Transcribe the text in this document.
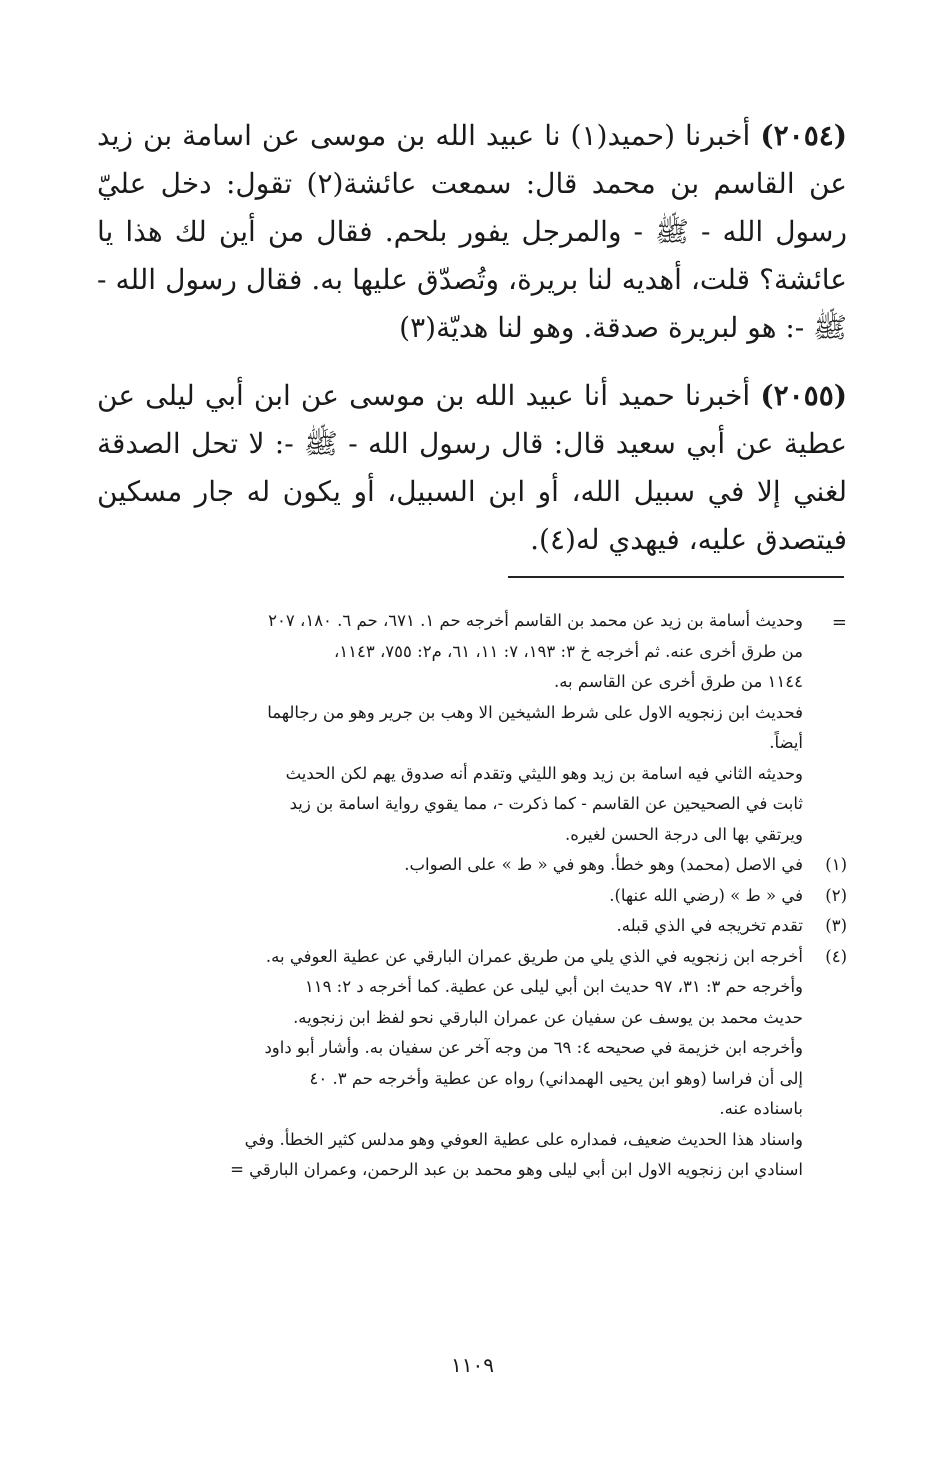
(٢٠٥٤) أخبرنا (حميد(١) نا عبيد الله بن موسى عن اسامة بن زيد عن القاسم بن محمد قال: سمعت عائشة(٢) تقول: دخل عليّ رسول الله - ﷺ - والمرجل يفور بلحم. فقال من أين لك هذا يا عائشة؟ قلت، أهديه لنا بريرة، وتُصدّق عليها به. فقال رسول الله - ﷺ -: هو لبريرة صدقة. وهو لنا هديّة(٣)
(٢٠٥٥) أخبرنا حميد أنا عبيد الله بن موسى عن ابن أبي ليلى عن عطية عن أبي سعيد قال: قال رسول الله - ﷺ -: لا تحل الصدقة لغني إلا في سبيل الله، أو ابن السبيل، أو يكون له جار مسكين فيتصدق عليه، فيهدي له(٤).
=

وحديث أسامة بن زيد عن محمد بن القاسم أخرجه حم ١. ٦٧١، حم ٦. ١٨٠، ٢٠٧

من طرق أخرى عنه. ثم أخرجه خ ٣: ١٩٣، ٧: ١١، ٦١، م٢: ٧٥٥، ١١٤٣،

١١٤٤ من طرق أخرى عن القاسم به.

فحديث ابن زنجويه الاول على شرط الشيخين الا وهب بن جرير وهو من رجالهما

أيضاً.

وحديثه الثاني فيه اسامة بن زيد وهو الليثي وتقدم أنه صدوق يهم لكن الحديث

ثابت في الصحيحين عن القاسم - كما ذكرت -، مما يقوي رواية اسامة بن زيد

ويرتقي بها الى درجة الحسن لغيره.

(١)

في الاصل (محمد) وهو خطأ. وهو في « ط » على الصواب.

(٢)

في « ط » (رضي الله عنها).

(٣)

تقدم تخريجه في الذي قبله.

(٤)

أخرجه ابن زنجويه في الذي يلي من طريق عمران البارقي عن عطية العوفي به.

وأخرجه حم ٣: ٣١، ٩٧ حديث ابن أبي ليلى عن عطية. كما أخرجه د ٢: ١١٩

حديث محمد بن يوسف عن سفيان عن عمران البارقي نحو لفظ ابن زنجويه.

وأخرجه ابن خزيمة في صحيحه ٤: ٦٩ من وجه آخر عن سفيان به. وأشار أبو داود

إلى أن فراسا (وهو ابن يحيى الهمداني) رواه عن عطية وأخرجه حم ٣. ٤٠

باسناده عنه.

واسناد هذا الحديث ضعيف، فمداره على عطية العوفي وهو مدلس كثير الخطأ. وفي

اسنادي ابن زنجويه الاول ابن أبي ليلى وهو محمد بن عبد الرحمن، وعمران البارقي =

١١٠٩
